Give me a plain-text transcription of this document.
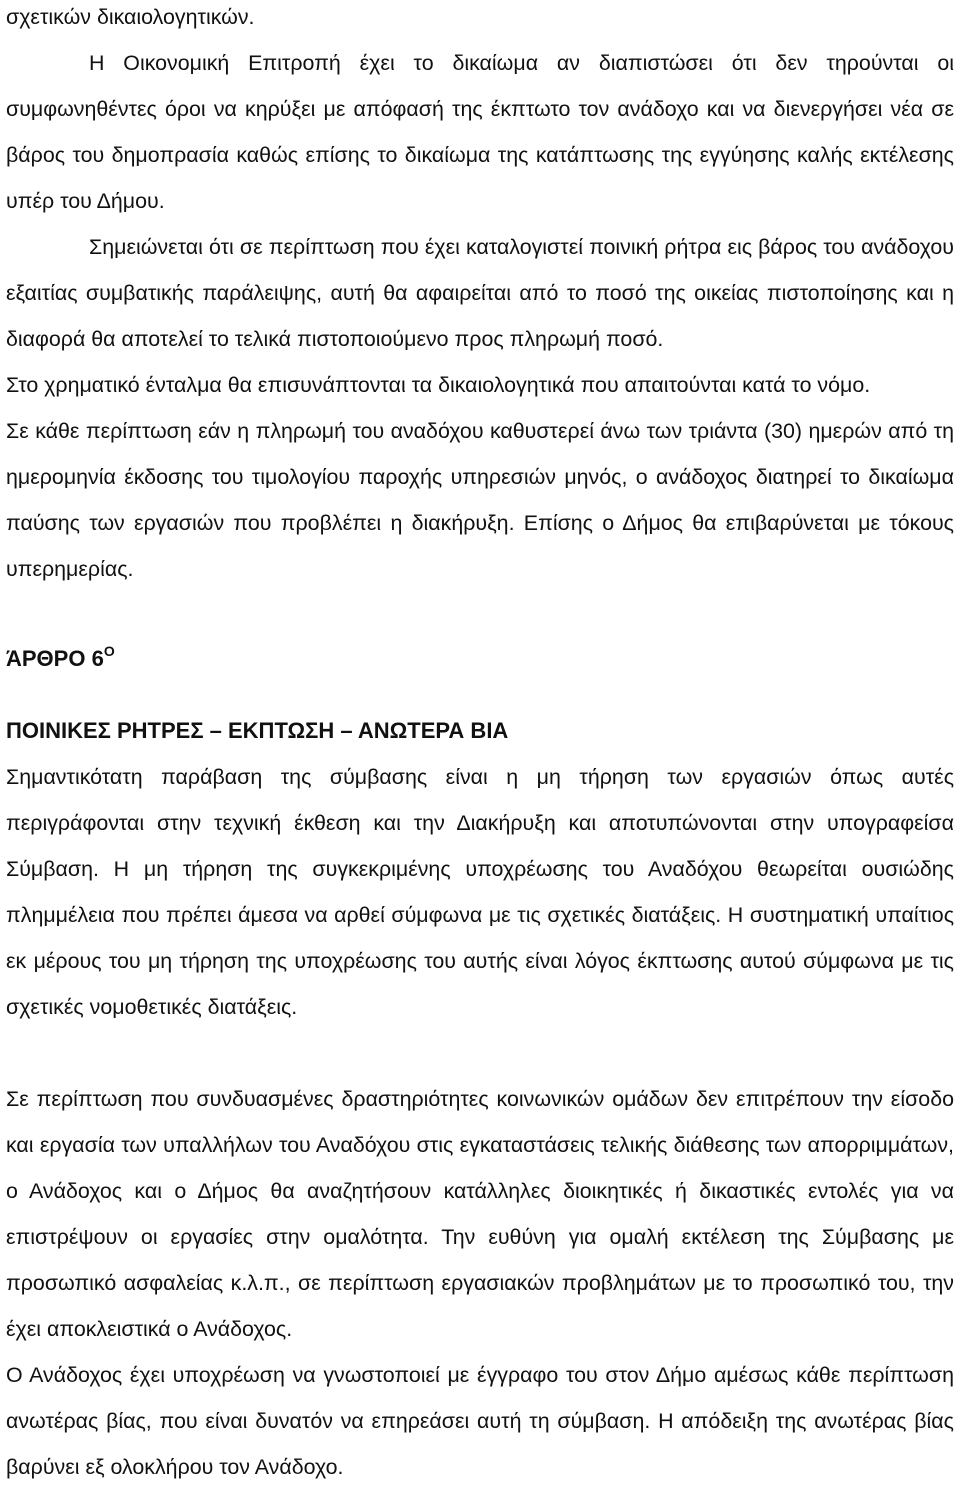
σχετικών δικαιολογητικών.

Η Οικονομική Επιτροπή έχει το δικαίωμα αν διαπιστώσει ότι δεν τηρούνται οι συμφωνηθέντες όροι να κηρύξει με απόφασή της έκπτωτο τον ανάδοχο και να διενεργήσει νέα σε βάρος του δημοπρασία καθώς επίσης το δικαίωμα της κατάπτωσης της εγγύησης καλής εκτέλεσης υπέρ του Δήμου.

Σημειώνεται ότι σε περίπτωση που έχει καταλογιστεί ποινική ρήτρα εις βάρος του ανάδοχου εξαιτίας συμβατικής παράλειψης, αυτή θα αφαιρείται από το ποσό της οικείας πιστοποίησης και η διαφορά θα αποτελεί το τελικά πιστοποιούμενο προς πληρωμή ποσό.

Στο χρηματικό ένταλμα θα επισυνάπτονται τα δικαιολογητικά που απαιτούνται κατά το νόμο.

Σε κάθε περίπτωση εάν η πληρωμή του αναδόχου καθυστερεί άνω των τριάντα (30) ημερών από τη ημερομηνία έκδοσης του τιμολογίου παροχής υπηρεσιών μηνός, ο ανάδοχος διατηρεί το δικαίωμα παύσης των εργασιών που προβλέπει η διακήρυξη. Επίσης ο Δήμος θα επιβαρύνεται με τόκους υπερημερίας.

ΆΡΘΡΟ $6^O$

ΠΟΙΝΙΚΕΣ ΡΗΤΡΕΣ – ΕΚΠΤΩΣΗ – ΑΝΩΤΕΡΑ ΒΙΑ

Σημαντικότατη παράβαση της σύμβασης είναι η μη τήρηση των εργασιών όπως αυτές περιγράφονται στην τεχνική έκθεση και την Διακήρυξη και αποτυπώνονται στην υπογραφείσα Σύμβαση. Η μη τήρηση της συγκεκριμένης υποχρέωσης του Αναδόχου θεωρείται ουσιώδης πλημμέλεια που πρέπει άμεσα να αρθεί σύμφωνα με τις σχετικές διατάξεις. Η συστηματική υπαίτιος εκ μέρους του μη τήρηση της υποχρέωσης του αυτής είναι λόγος έκπτωσης αυτού σύμφωνα με τις σχετικές νομοθετικές διατάξεις.

Σε περίπτωση που συνδυασμένες δραστηριότητες κοινωνικών ομάδων δεν επιτρέπουν την είσοδο και εργασία των υπαλλήλων του Αναδόχου στις εγκαταστάσεις τελικής διάθεσης των απορριμμάτων, ο Ανάδοχος και ο Δήμος θα αναζητήσουν κατάλληλες διοικητικές ή δικαστικές εντολές για να επιστρέψουν οι εργασίες στην ομαλότητα. Την ευθύνη για ομαλή εκτέλεση της Σύμβασης με προσωπικό ασφαλείας κ.λ.π., σε περίπτωση εργασιακών προβλημάτων με το προσωπικό του, την έχει αποκλειστικά ο Ανάδοχος.

Ο Ανάδοχος έχει υποχρέωση να γνωστοποιεί με έγγραφο του στον Δήμο αμέσως κάθε περίπτωση ανωτέρας βίας, που είναι δυνατόν να επηρεάσει αυτή τη σύμβαση. Η απόδειξη της ανωτέρας βίας βαρύνει εξ ολοκλήρου τον Ανάδοχο.
